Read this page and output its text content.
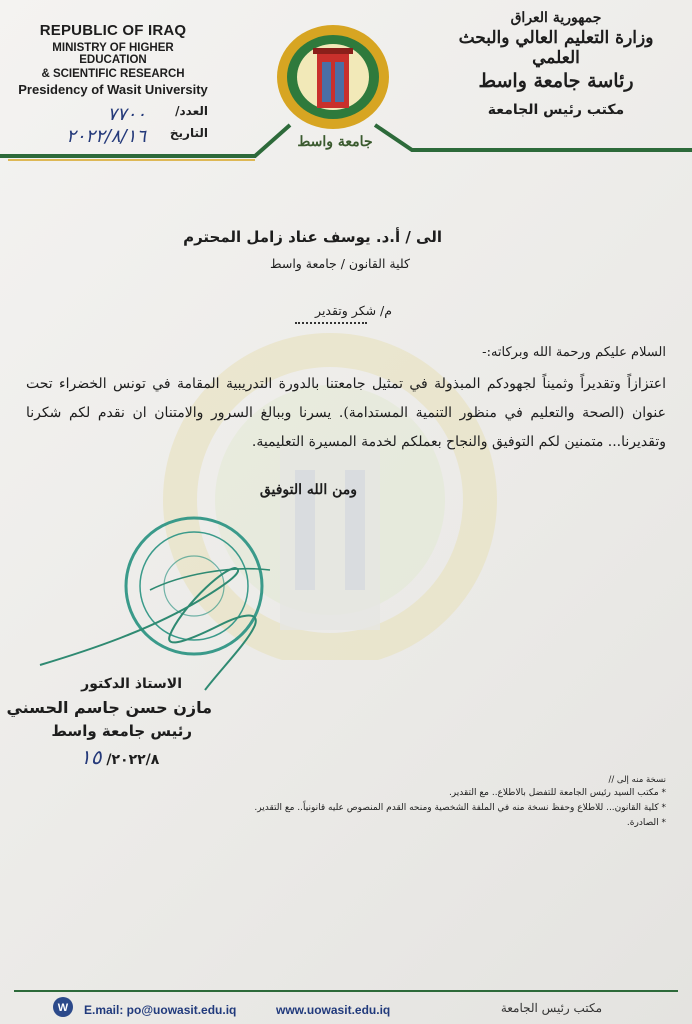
REPUBLIC OF IRAQ
MINISTRY OF HIGHER EDUCATION
& SCIENTIFIC RESEARCH
Presidency of Wasit University
العدد/
٧٧٠٠
التاريخ
٢٠٢٢/٨/١٦	جامعة واسط
جمهورية العراق
وزارة التعليم العالي والبحث العلمي
رئاسة جامعة واسط
مكتب رئيس الجامعة
الى / أ.د. يوسف عناد زامل المحترم
كلية القانون / جامعة واسط
م/ شكر وتقدير
السلام عليكم ورحمة الله وبركاته:-
اعتزازاً وتقديراً وثميناً لجهودكم المبذولة في تمثيل جامعتنا بالدورة التدريبية المقامة في تونس الخضراء تحت عنوان (الصحة والتعليم في منظور التنمية المستدامة). يسرنا وببالغ السرور والامتنان ان نقدم لكم شكرنا وتقديرنا... متمنين لكم التوفيق والنجاح بعملكم لخدمة المسيرة التعليمية.
ومن الله التوفيق
الاستاذ الدكتور
مازن حسن جاسم الحسني
رئيس جامعة واسط
٢٠٢٢/٨/ ١٥
نسخة منه إلى //
* مكتب السيد رئيس الجامعة للتفضل بالاطلاع.. مع التقدير.
* كلية القانون... للاطلاع وحفظ نسخة منه في الملفة الشخصية ومنحه القدم المنصوص عليه قانونياً.. مع التقدير.
* الصادرة.
W E.mail: po@uowasit.edu.iq	www.uowasit.edu.iq	مكتب رئيس الجامعة
